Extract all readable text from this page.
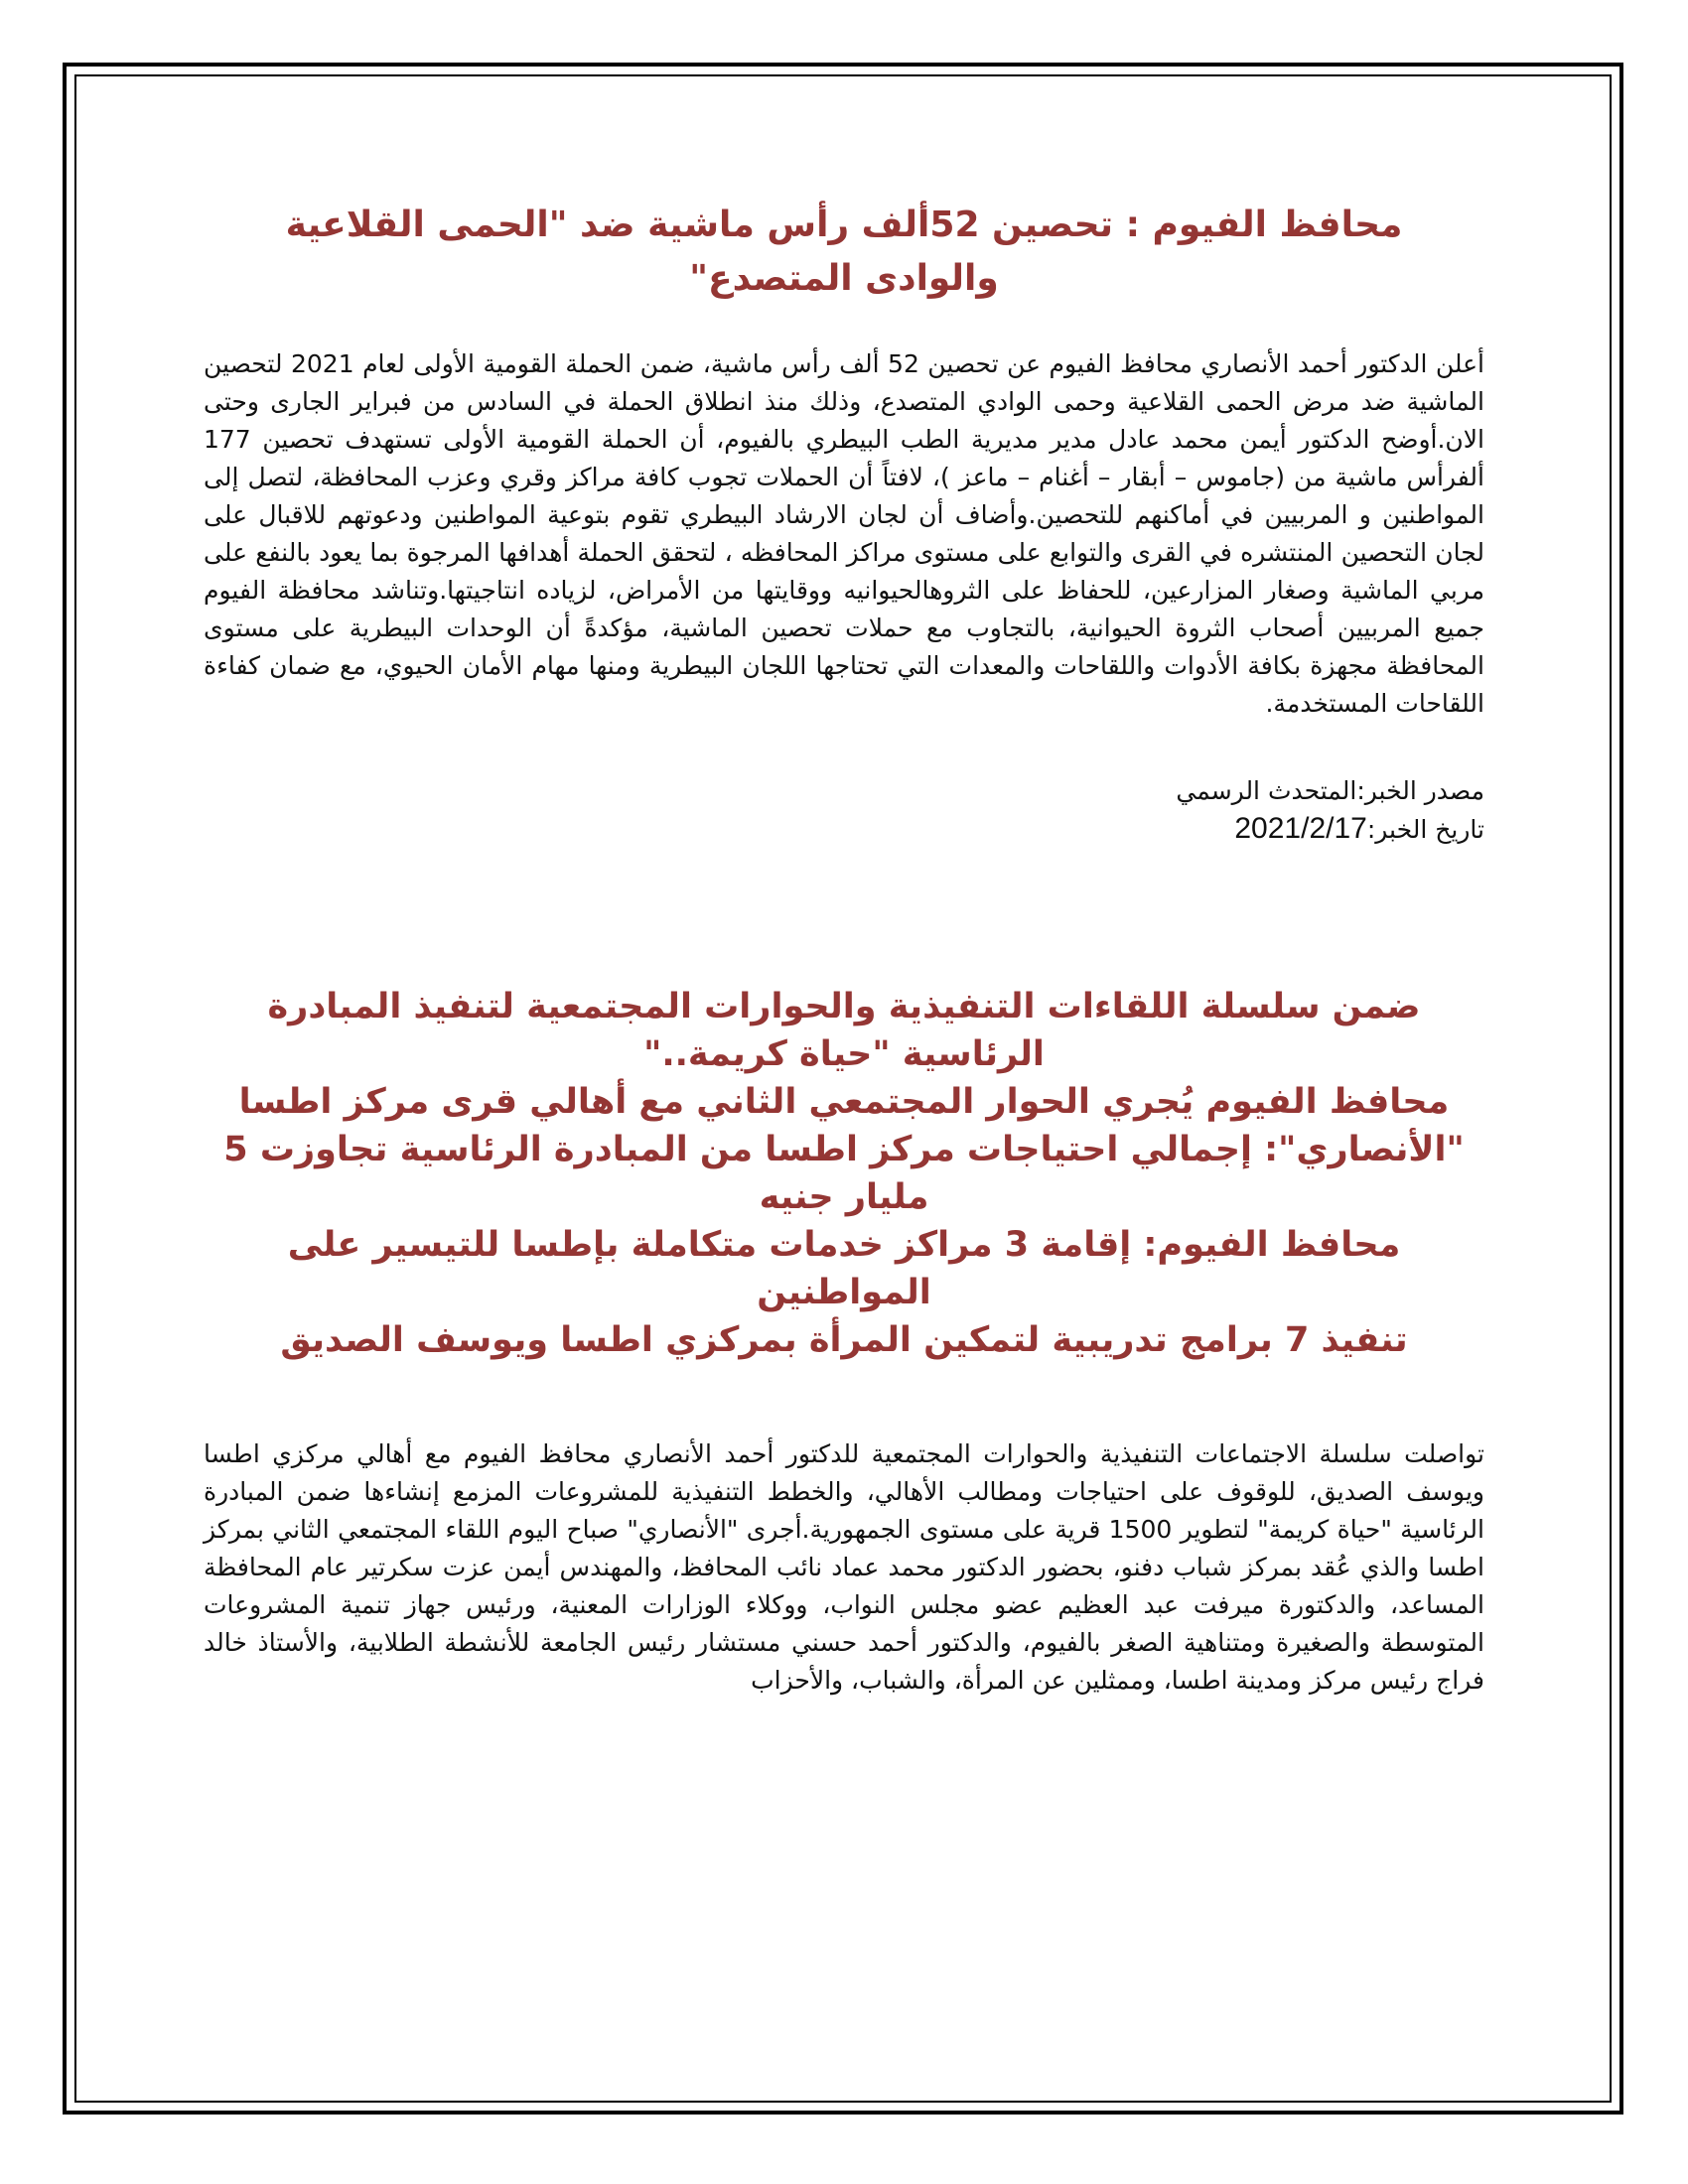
محافظ الفيوم : تحصين 52ألف رأس ماشية ضد "الحمى القلاعية والوادى المتصدع"

أعلن الدكتور أحمد الأنصاري محافظ الفيوم عن تحصين 52 ألف رأس ماشية، ضمن الحملة القومية الأولى لعام 2021 لتحصين الماشية ضد مرض الحمى القلاعية وحمى الوادي المتصدع، وذلك منذ انطلاق الحملة في السادس من فبراير الجارى وحتى الان.أوضح الدكتور أيمن محمد عادل مدير مديرية الطب البيطري بالفيوم، أن الحملة القومية الأولى تستهدف تحصين 177 ألفرأس ماشية من (جاموس – أبقار – أغنام – ماعز )، لافتاً أن الحملات تجوب كافة مراكز وقري وعزب المحافظة، لتصل إلى المواطنين و المربيين في أماكنهم للتحصين.وأضاف أن لجان الارشاد البيطري تقوم بتوعية المواطنين ودعوتهم للاقبال على لجان التحصين المنتشره في القرى والتوابع على مستوى مراكز المحافظه ، لتحقق الحملة أهدافها المرجوة بما يعود بالنفع على مربي الماشية وصغار المزارعين، للحفاظ على الثروهالحيوانيه ووقايتها من الأمراض، لزياده انتاجيتها.وتناشد محافظة الفيوم جميع المربيين أصحاب الثروة الحيوانية، بالتجاوب مع حملات تحصين الماشية، مؤكدةً أن الوحدات البيطرية على مستوى المحافظة مجهزة بكافة الأدوات واللقاحات والمعدات التي تحتاجها اللجان البيطرية ومنها مهام الأمان الحيوي، مع ضمان كفاءة اللقاحات المستخدمة.

مصدر الخبر:المتحدث الرسمي
تاريخ الخبر:2021/2/17
ضمن سلسلة اللقاءات التنفيذية والحوارات المجتمعية لتنفيذ المبادرة الرئاسية "حياة كريمة.."
محافظ الفيوم يُجري الحوار المجتمعي الثاني مع أهالي قرى مركز اطسا "الأنصاري": إجمالي احتياجات مركز اطسا من المبادرة الرئاسية تجاوزت 5 مليار جنيه
محافظ الفيوم: إقامة 3 مراكز خدمات متكاملة بإطسا للتيسير على المواطنين
تنفيذ 7 برامج تدريبية لتمكين المرأة بمركزي اطسا ويوسف الصديق

تواصلت سلسلة الاجتماعات التنفيذية والحوارات المجتمعية للدكتور أحمد الأنصاري محافظ الفيوم مع أهالي مركزي اطسا ويوسف الصديق، للوقوف على احتياجات ومطالب الأهالي، والخطط التنفيذية للمشروعات المزمع إنشاءها ضمن المبادرة الرئاسية "حياة كريمة" لتطوير 1500 قرية على مستوى الجمهورية.أجرى "الأنصاري" صباح اليوم اللقاء المجتمعي الثاني بمركز اطسا والذي عُقد بمركز شباب دفنو، بحضور الدكتور محمد عماد نائب المحافظ، والمهندس أيمن عزت سكرتير عام المحافظة المساعد، والدكتورة ميرفت عبد العظيم عضو مجلس النواب، ووكلاء الوزارات المعنية، ورئيس جهاز تنمية المشروعات المتوسطة والصغيرة ومتناهية الصغر بالفيوم، والدكتور أحمد حسني مستشار رئيس الجامعة للأنشطة الطلابية، والأستاذ خالد فراج رئيس مركز ومدينة اطسا، وممثلين عن المرأة، والشباب، والأحزاب
